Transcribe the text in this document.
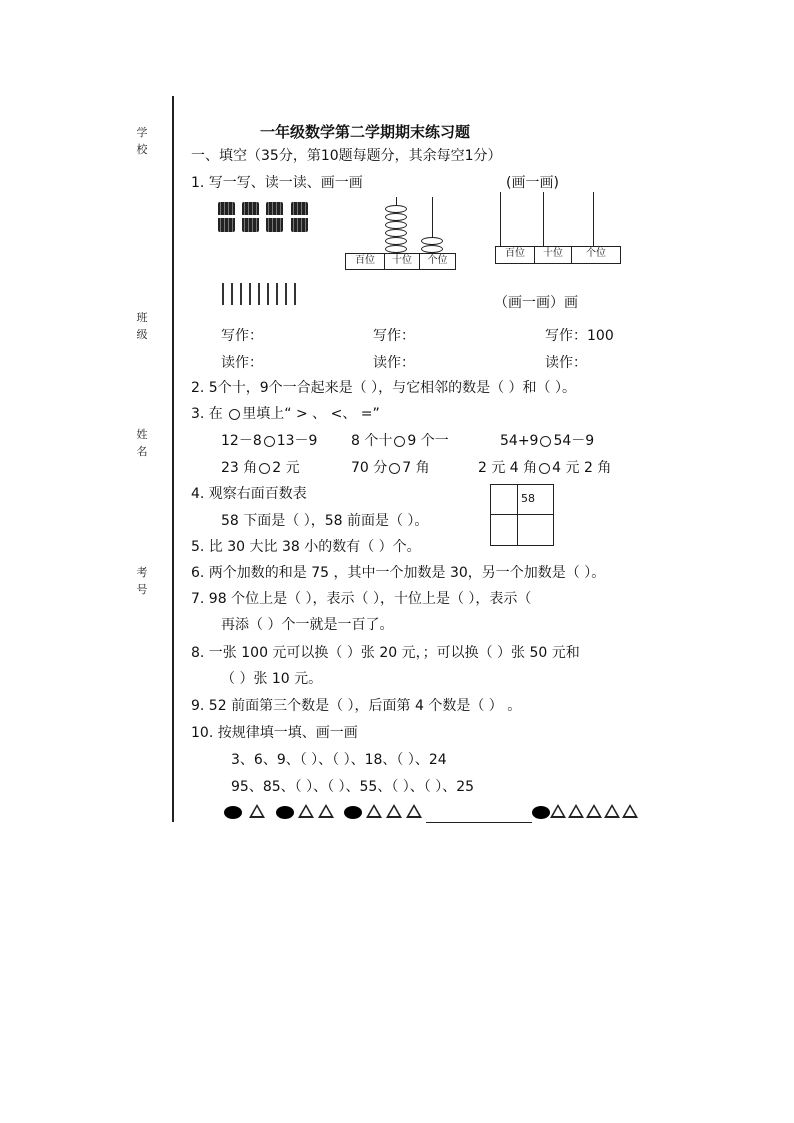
学
校
班
级
姓
名
考
号
一年级数学第二学期期末练习题
一、填空（35分，第10题每题分，其余每空1分）
1. 写一写、读一读、画一画	(画一画)
百位	十位	个位
百位	十位	个位
（画一画）画
写作：	写作：	写作：100
读作：	读作：	读作：
2. 5个十，9个一合起来是（ ），与它相邻的数是（ ）和（ ）。
3. 在 里填上“ > 、 <、 =”
12－8 13－9 8 个十 9 个一	54+9 54－9
23 角 2 元	70 分 7 角	2 元 4 角 4 元 2 角
4. 观察右面百数表
58 下面是（ ），58 前面是（ ）。
58
5. 比 30 大比 38 小的数有（ ）个。
6. 两个加数的和是 75 ，其中一个加数是 30，另一个加数是（ ）。
7. 98 个位上是（ ），表示（ ），十位上是（ ），表示（
再添（ ）个一就是一百了。
8. 一张 100 元可以换（ ）张 20 元，；可以换（ ）张 50 元和
（ ）张 10 元。
9. 52 前面第三个数是（ ），后面第 4 个数是（ ） 。
10. 按规律填一填、画一画
3、6、9、（ ）、（ ）、18、（ ）、24
95、85、（ ）、（ ）、55、（ ）、（ ）、25
